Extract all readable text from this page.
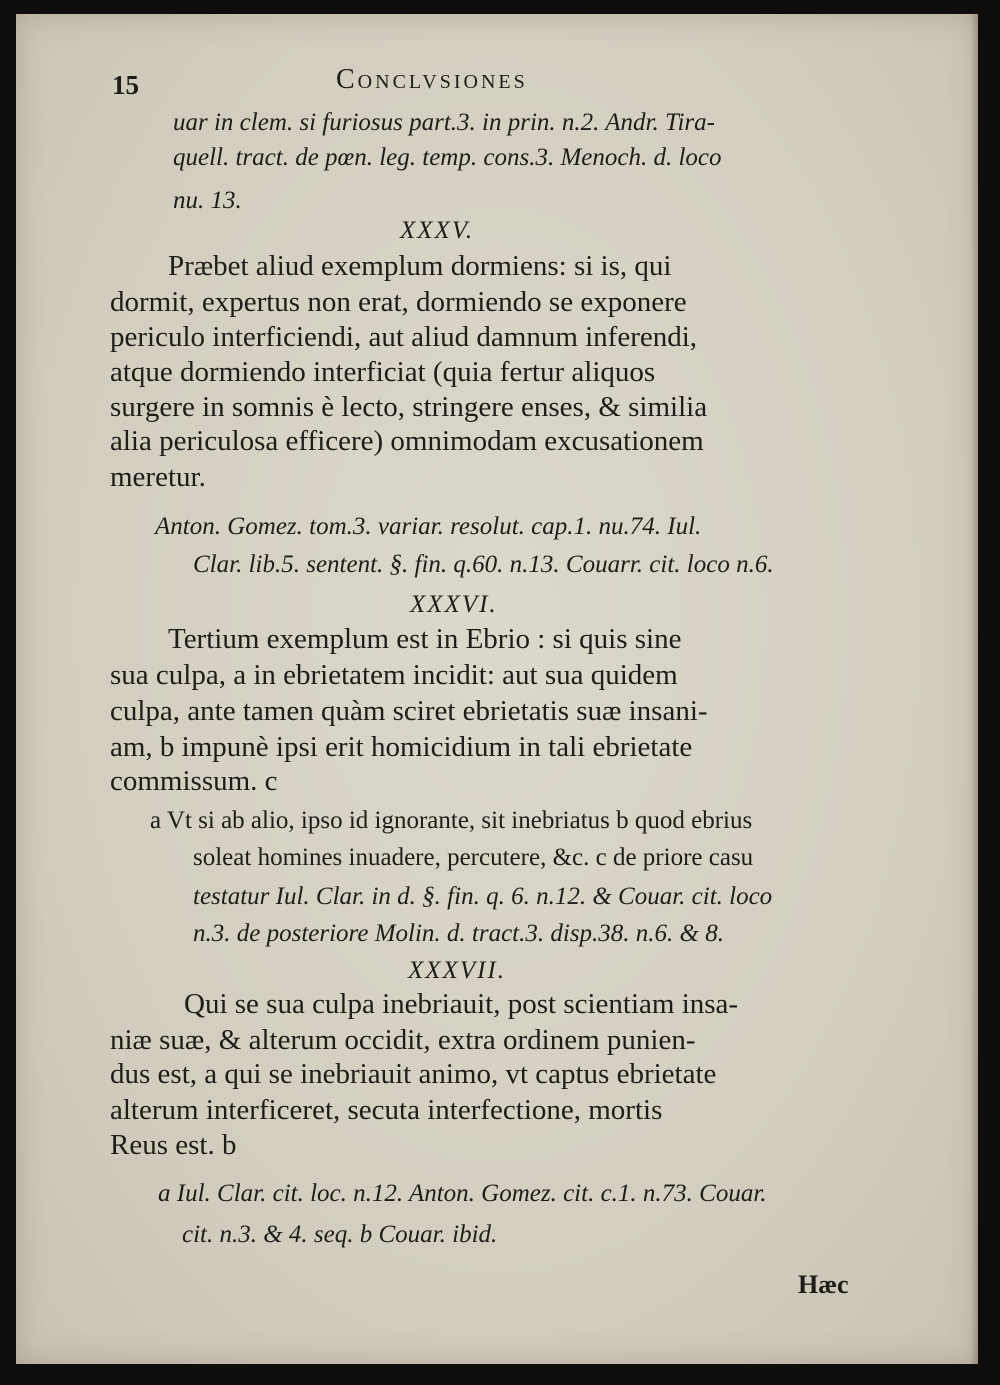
15	Conclvsiones
uar in clem. si furiosus part.3. in prin. n.2. Andr. Tira-
quell. tract. de pœn. leg. temp. cons.3. Menoch. d. loco
nu. 13.
XXXV.
Præbet aliud exemplum dormiens: si is, qui
dormit, expertus non erat, dormiendo se exponere
periculo interficiendi, aut aliud damnum inferendi,
atque dormiendo interficiat (quia fertur aliquos
surgere in somnis è lecto, stringere enses, & similia
alia periculosa efficere) omnimodam excusationem
meretur.
Anton. Gomez. tom.3. variar. resolut. cap.1. nu.74. Iul.
Clar. lib.5. sentent. §. fin. q.60. n.13. Couarr. cit. loco n.6.
XXXVI.
Tertium exemplum est in Ebrio : si quis sine
sua culpa, a in ebrietatem incidit: aut sua quidem
culpa, ante tamen quàm sciret ebrietatis suæ insani-
am, b impunè ipsi erit homicidium in tali ebrietate
commissum. c
a Vt si ab alio, ipso id ignorante, sit inebriatus b quod ebrius
soleat homines inuadere, percutere, &c. c de priore casu
testatur Iul. Clar. in d. §. fin. q. 6. n.12. & Couar. cit. loco
n.3. de posteriore Molin. d. tract.3. disp.38. n.6. & 8.
XXXVII.
Qui se sua culpa inebriauit, post scientiam insa-
niæ suæ, & alterum occidit, extra ordinem punien-
dus est, a qui se inebriauit animo, vt captus ebrietate
alterum interficeret, secuta interfectione, mortis
Reus est. b
a Iul. Clar. cit. loc. n.12. Anton. Gomez. cit. c.1. n.73. Couar.
cit. n.3. & 4. seq. b Couar. ibid.
Hæc
